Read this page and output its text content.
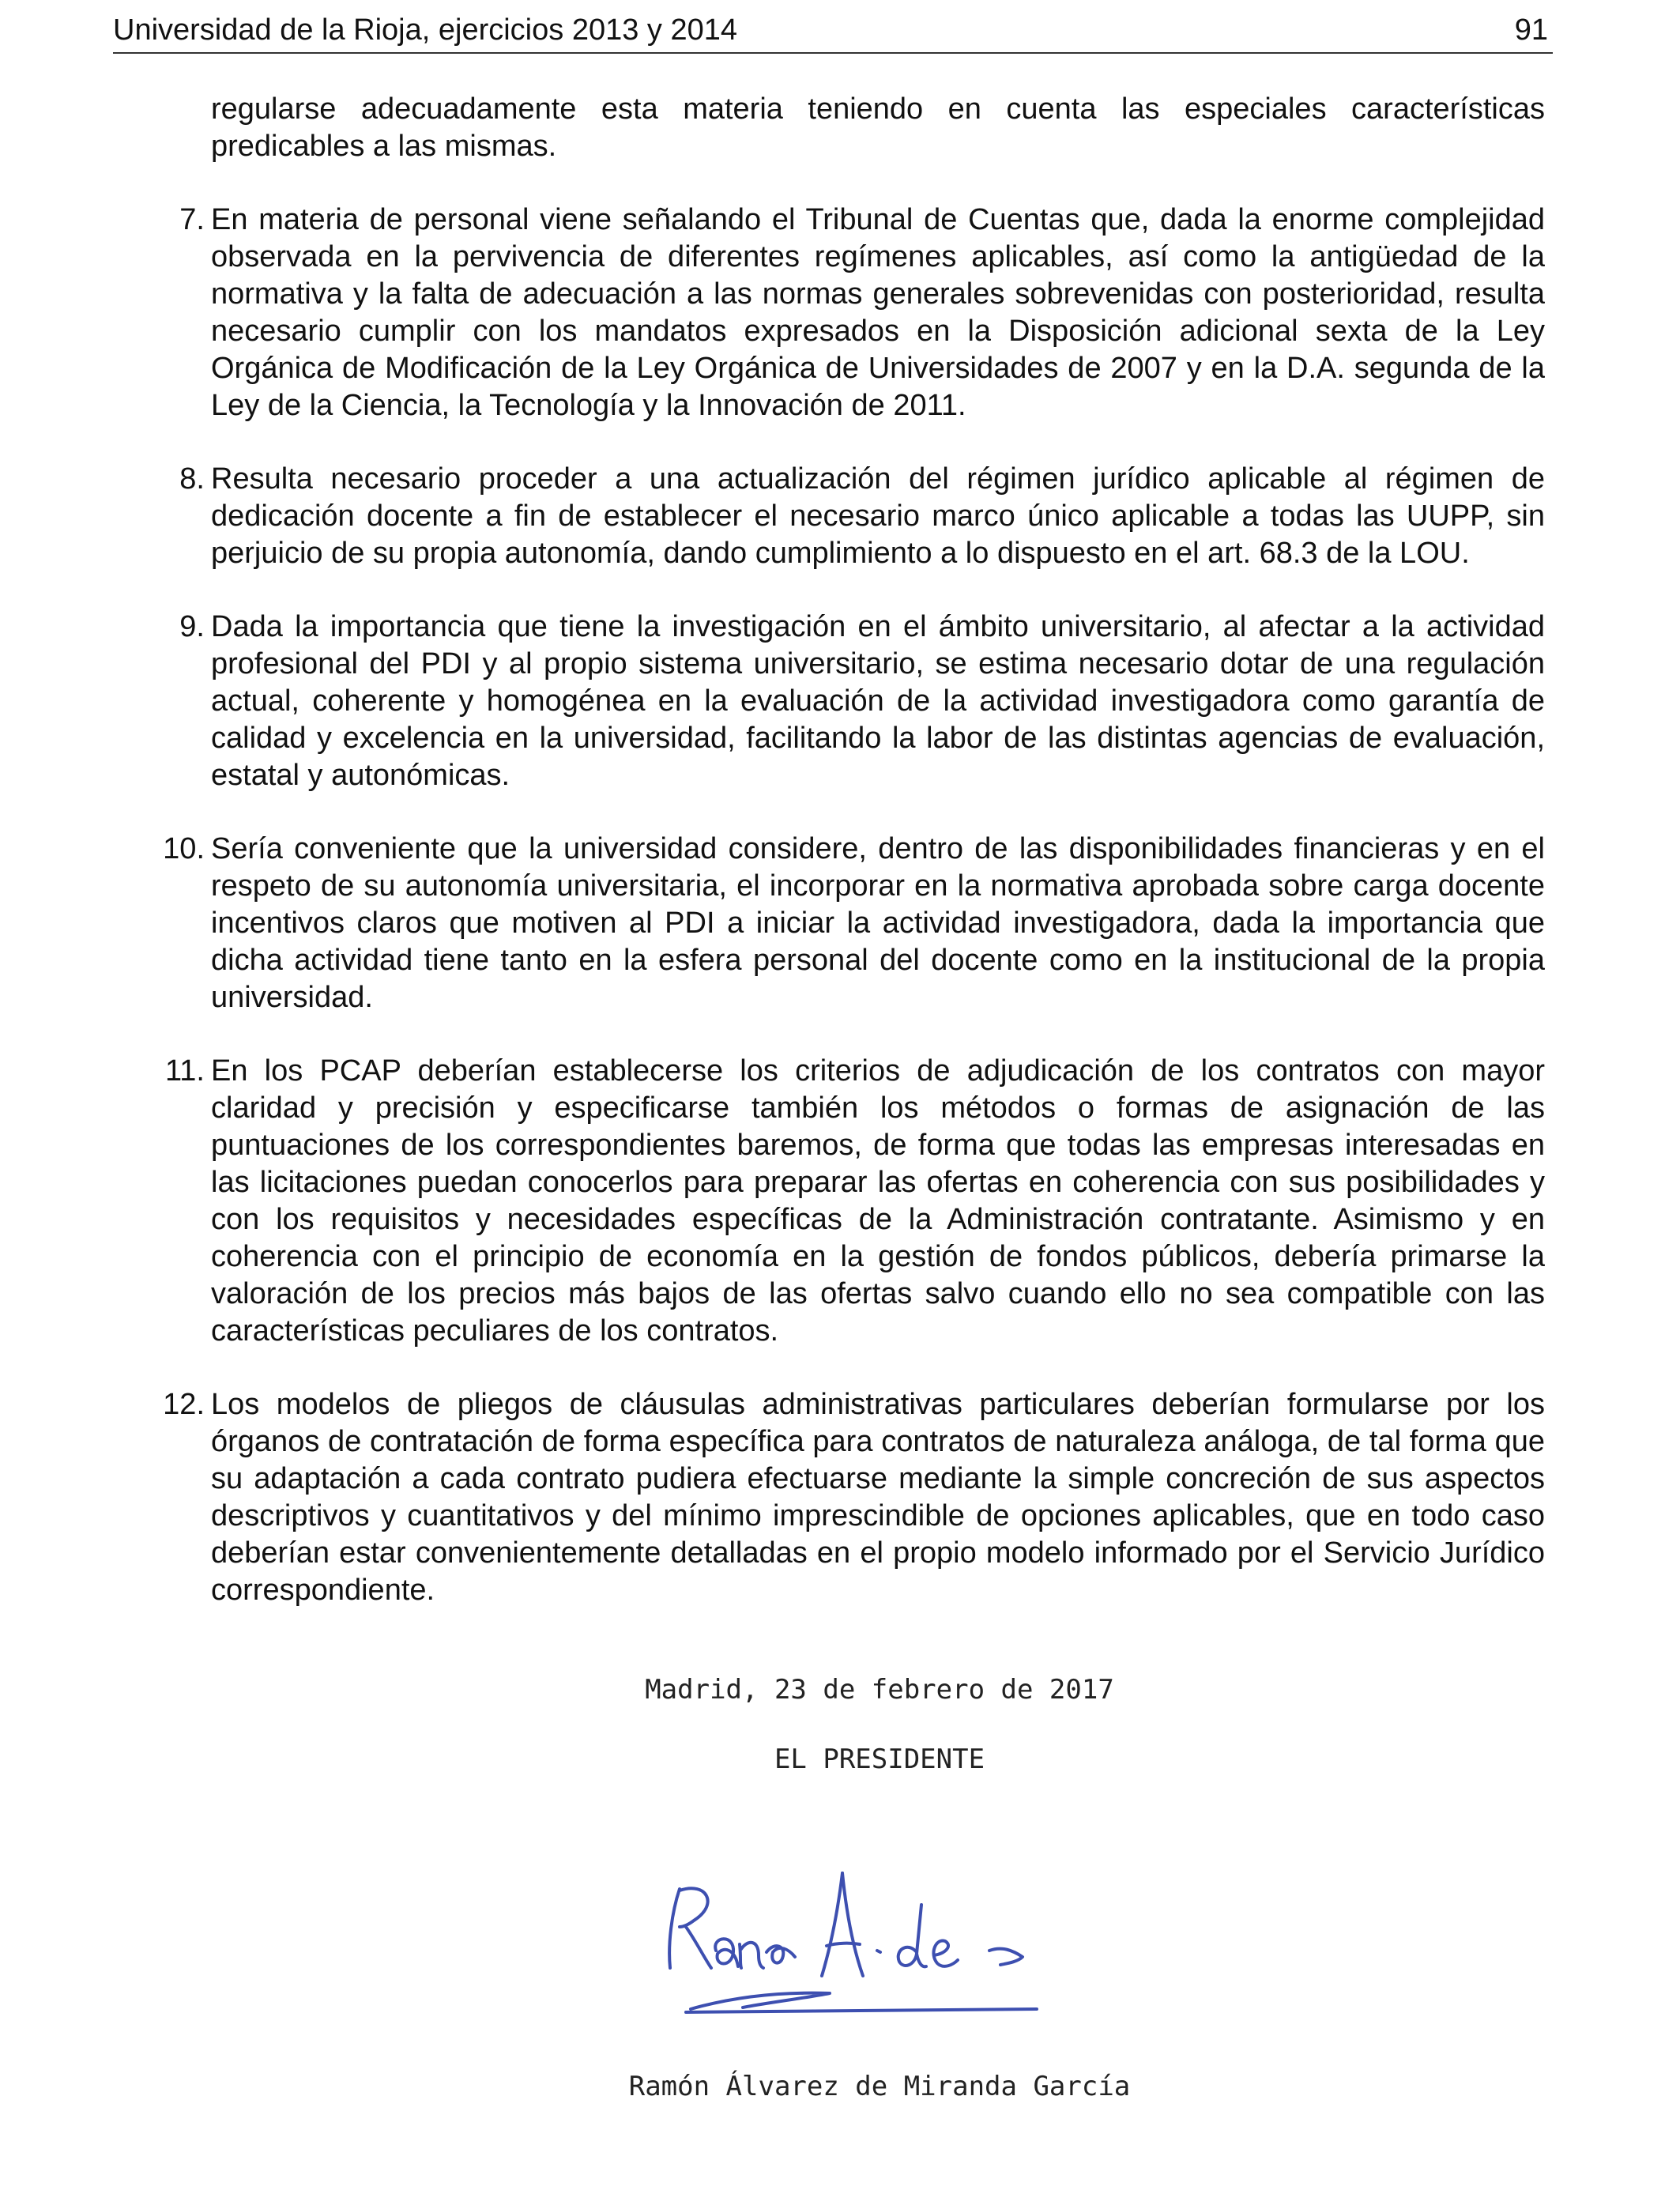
Universidad de la Rioja, ejercicios 2013 y 2014	91
regularse adecuadamente esta materia teniendo en cuenta las especiales características predicables a las mismas.
7. En materia de personal viene señalando el Tribunal de Cuentas que, dada la enorme complejidad observada en la pervivencia de diferentes regímenes aplicables, así como la antigüedad de la normativa y la falta de adecuación a las normas generales sobrevenidas con posterioridad, resulta necesario cumplir con los mandatos expresados en la Disposición adicional sexta de la Ley Orgánica de Modificación de la Ley Orgánica de Universidades de 2007 y en la D.A. segunda de la Ley de la Ciencia, la Tecnología y la Innovación de 2011.
8. Resulta necesario proceder a una actualización del régimen jurídico aplicable al régimen de dedicación docente a fin de establecer el necesario marco único aplicable a todas las UUPP, sin perjuicio de su propia autonomía, dando cumplimiento a lo dispuesto en el art. 68.3 de la LOU.
9. Dada la importancia que tiene la investigación en el ámbito universitario, al afectar a la actividad profesional del PDI y al propio sistema universitario, se estima necesario dotar de una regulación actual, coherente y homogénea en la evaluación de la actividad investigadora como garantía de calidad y excelencia en la universidad, facilitando la labor de las distintas agencias de evaluación, estatal y autonómicas.
10. Sería conveniente que la universidad considere, dentro de las disponibilidades financieras y en el respeto de su autonomía universitaria, el incorporar en la normativa aprobada sobre carga docente incentivos claros que motiven al PDI a iniciar la actividad investigadora, dada la importancia que dicha actividad tiene tanto en la esfera personal del docente como en la institucional de la propia universidad.
11. En los PCAP deberían establecerse los criterios de adjudicación de los contratos con mayor claridad y precisión y especificarse también los métodos o formas de asignación de las puntuaciones de los correspondientes baremos, de forma que todas las empresas interesadas en las licitaciones puedan conocerlos para preparar las ofertas en coherencia con sus posibilidades y con los requisitos y necesidades específicas de la Administración contratante. Asimismo y en coherencia con el principio de economía en la gestión de fondos públicos, debería primarse la valoración de los precios más bajos de las ofertas salvo cuando ello no sea compatible con las características peculiares de los contratos.
12. Los modelos de pliegos de cláusulas administrativas particulares deberían formularse por los órganos de contratación de forma específica para contratos de naturaleza análoga, de tal forma que su adaptación a cada contrato pudiera efectuarse mediante la simple concreción de sus aspectos descriptivos y cuantitativos y del mínimo imprescindible de opciones aplicables, que en todo caso deberían estar convenientemente detalladas en el propio modelo informado por el Servicio Jurídico correspondiente.
Madrid, 23 de febrero de 2017
EL PRESIDENTE
Ramón Álvarez de Miranda García
